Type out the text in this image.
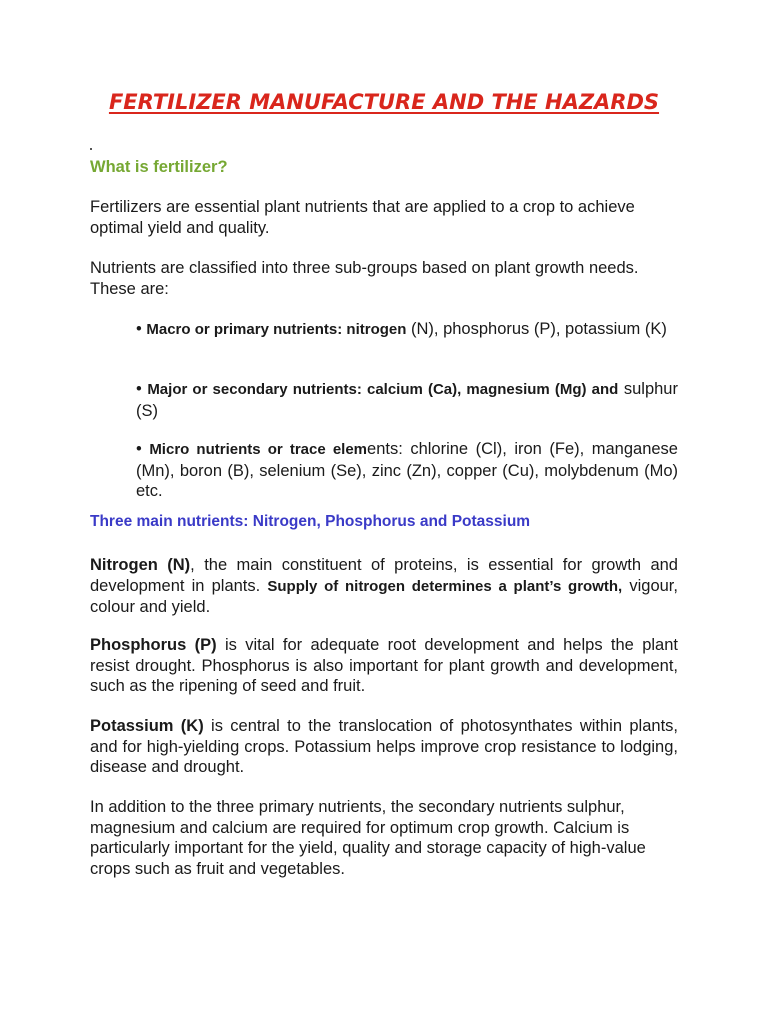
FERTILIZER MANUFACTURE AND THE HAZARDS
What is fertilizer?

Fertilizers are essential plant nutrients that are applied to a crop to achieve optimal yield and quality.

Nutrients are classified into three sub-groups based on plant growth needs. These are:

• Macro or primary nutrients: nitrogen (N), phosphorus (P), potassium (K)

• Major or secondary nutrients: calcium (Ca), magnesium (Mg) and sulphur (S)

• Micro nutrients or trace elements: chlorine (Cl), iron (Fe), manganese (Mn), boron (B), selenium (Se), zinc (Zn), copper (Cu), molybdenum (Mo) etc.

Three main nutrients: Nitrogen, Phosphorus and Potassium

Nitrogen (N), the main constituent of proteins, is essential for growth and development in plants. Supply of nitrogen determines a plant’s growth, vigour, colour and yield.

Phosphorus (P) is vital for adequate root development and helps the plant resist drought. Phosphorus is also important for plant growth and development, such as the ripening of seed and fruit.

Potassium (K) is central to the translocation of photosynthates within plants, and for high-yielding crops. Potassium helps improve crop resistance to lodging, disease and drought.

In addition to the three primary nutrients, the secondary nutrients sulphur, magnesium and calcium are required for optimum crop growth. Calcium is particularly important for the yield, quality and storage capacity of high-value crops such as fruit and vegetables.
